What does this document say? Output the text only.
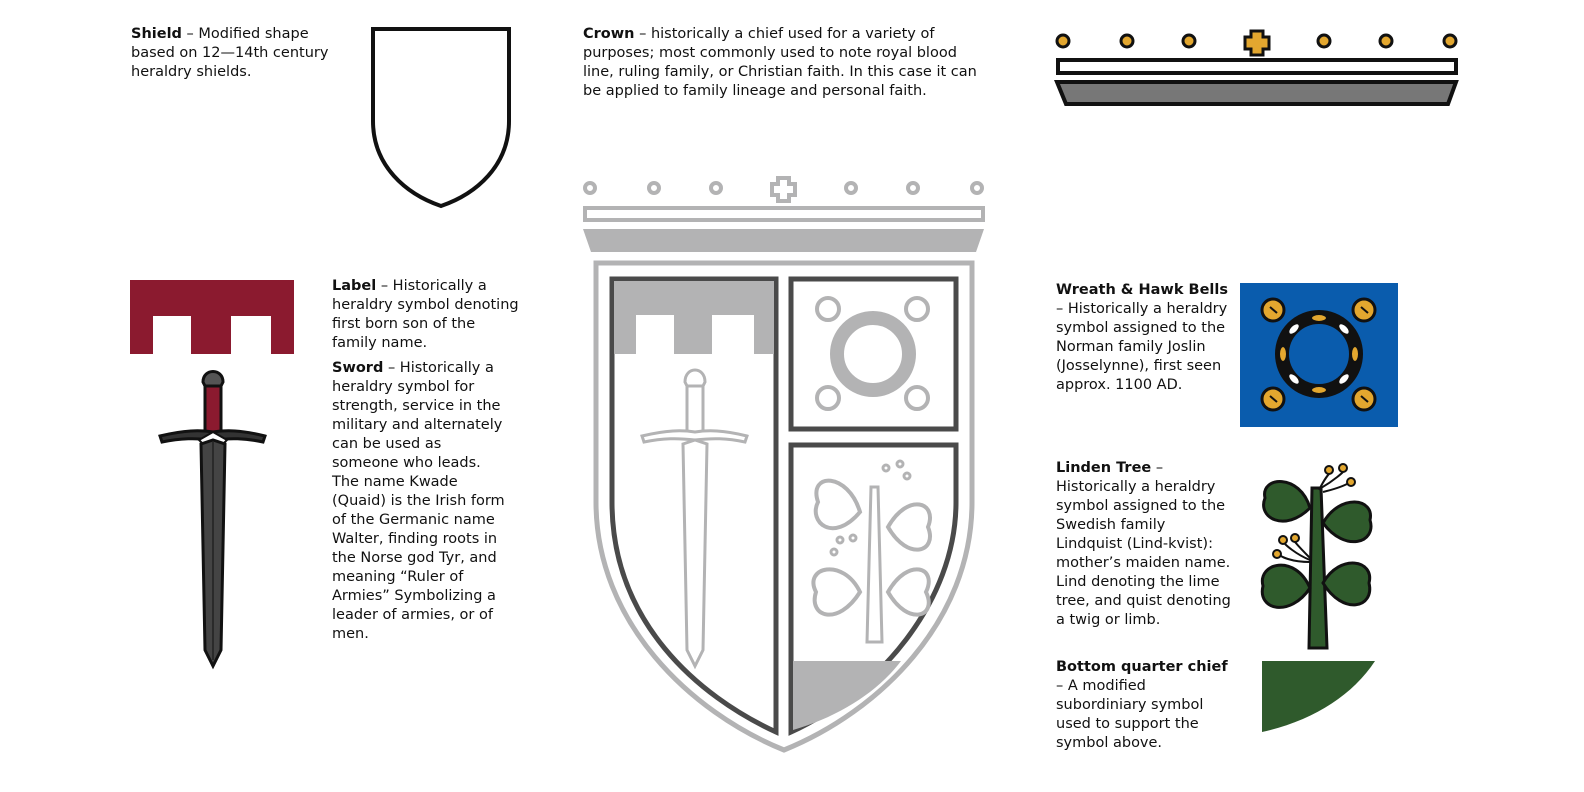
Shield – Modified shape based on 12—14th century heraldry shields.
Crown – historically a chief used for a variety of purposes; most commonly used to note royal blood line, ruling family, or Christian faith. In this case it can be applied to family lineage and personal faith.
Label – Historically a heraldry symbol denoting first born son of the family name.
Sword – Historically a heraldry symbol for strength, service in the military and alternately can be used as someone who leads. The name Kwade (Quaid) is the Irish form of the Germanic name Walter, finding roots in the Norse god Tyr, and meaning “Ruler of Armies” Symbolizing a leader of armies, or of men.
Wreath & Hawk Bells – Historically a heraldry symbol assigned to the Norman family Joslin (Josselynne), first seen approx. 1100 AD.
Linden Tree – Historically a heraldry symbol assigned to the Swedish family Lindquist (Lind-kvist): mother’s maiden name. Lind denoting the lime tree, and quist denoting a twig or limb.
Bottom quarter chief – A modified subordiniary symbol used to support the symbol above.
